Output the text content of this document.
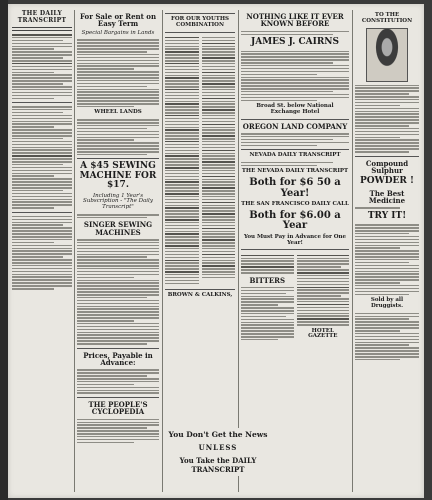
THE DAILY TRANSCRIPT	For Sale or Rent on Easy Term
Special Bargains in Lands
WHEEL LANDS
A $45 SEWING MACHINE FOR $17.
Including 1 Year's Subscription - "The Daily Transcript"
SINGER SEWING MACHINES
Prices, Payable in Advance:
THE PEOPLE'S CYCLOPEDIA
FOR OUR YOUTHS COMBINATION
BROWN & CALKINS,
NOTHING LIKE IT EVER KNOWN BEFORE
JAMES J. CAIRNS
Broad St. below National Exchange Hotel
OREGON LAND COMPANY
NEVADA DAILY TRANSCRIPT
THE NEVADA DAILY TRANSCRIPT
Both for $6 50 a Year!
THE SAN FRANCISCO DAILY CALL
Both for $6.00 a Year
You Must Pay in Advance for One Year!
BITTERS
HOTEL GAZETTE
TO THE CONSTITUTION
Compound Sulphur
POWDER !
The Best Medicine
TRY IT!
Sold by all Druggists.
You Don't Get the News
UNLESS
You Take the DAILY TRANSCRIPT
